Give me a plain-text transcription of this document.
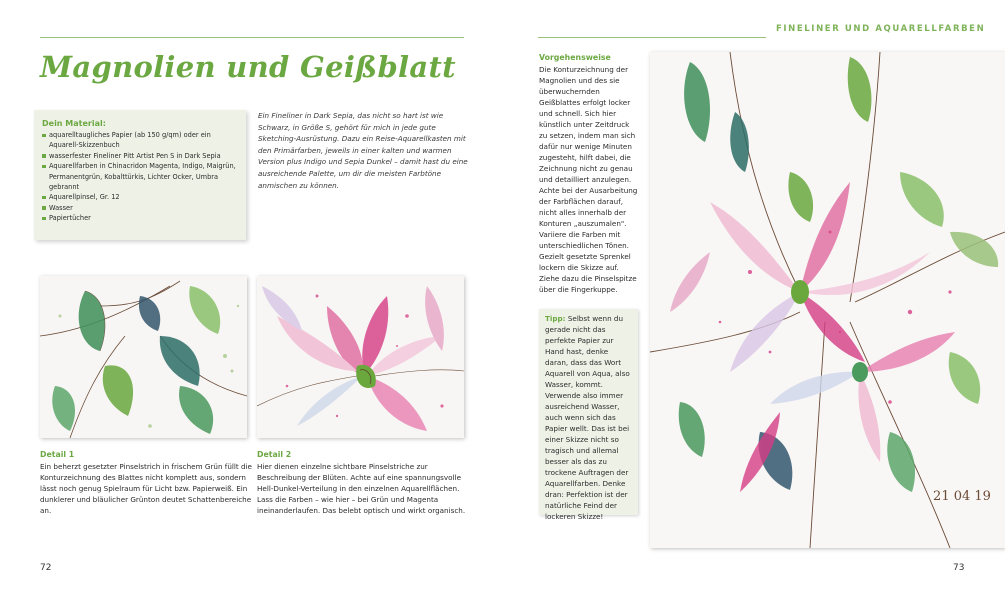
Magnolien und Geißblatt
Dein Material:
aquarelltaugliches Papier (ab 150 g/qm) oder ein Aquarell-Skizzenbuch
wasserfester Fineliner Pitt Artist Pen S in Dark Sepia
Aquarellfarben in Chinacridon Magenta, Indigo, Maigrün, Permanentgrün, Kobalttürkis, Lichter Ocker, Umbra gebrannt
Aquarellpinsel, Gr. 12
Wasser
Papiertücher

Ein Fineliner in Dark Sepia, das nicht so hart ist wie Schwarz, in Größe S, gehört für mich in jede gute Sketching-Ausrüstung. Dazu ein Reise-Aquarellkasten mit den Primärfarben, jeweils in einer kalten und warmen Version plus Indigo und Sepia Dunkel – damit hast du eine ausreichende Palette, um dir die meisten Farbtöne anmischen zu können.

Detail 1

Ein beherzt gesetzter Pinselstrich in frischem Grün füllt die Konturzeichnung des Blattes nicht komplett aus, sondern lässt noch genug Spielraum für Licht bzw. Papierweiß. Ein dunklerer und bläulicher Grünton deutet Schattenbereiche an.

Detail 2

Hier dienen einzelne sichtbare Pinselstriche zur Beschreibung der Blüten. Achte auf eine spannungsvolle Hell-Dunkel-Verteilung in den einzelnen Aquarellflächen. Lass die Farben – wie hier – bei Grün und Magenta ineinanderlaufen. Das belebt optisch und wirkt organisch.

72
FINELINER UND AQUARELLFARBEN
Vorgehensweise

Die Konturzeichnung der Magnolien und des sie überwuchernden Geißblattes erfolgt locker und schnell. Sich hier künstlich unter Zeitdruck zu setzen, indem man sich dafür nur wenige Minuten zugesteht, hilft dabei, die Zeichnung nicht zu genau und detailliert anzulegen. Achte bei der Ausarbeitung der Farbflächen darauf, nicht alles innerhalb der Konturen „auszumalen". Variiere die Farben mit unterschiedlichen Tönen. Gezielt gesetzte Sprenkel lockern die Skizze auf. Ziehe dazu die Pinselspitze über die Fingerkuppe.

Tipp: Selbst wenn du gerade nicht das perfekte Papier zur Hand hast, denke daran, dass das Wort Aquarell von Aqua, also Wasser, kommt. Verwende also immer ausreichend Wasser, auch wenn sich das Papier wellt. Das ist bei einer Skizze nicht so tragisch und allemal besser als das zu trockene Auftragen der Aquarellfarben. Denke dran: Perfektion ist der natürliche Feind der lockeren Skizze!
21 04 19
73
